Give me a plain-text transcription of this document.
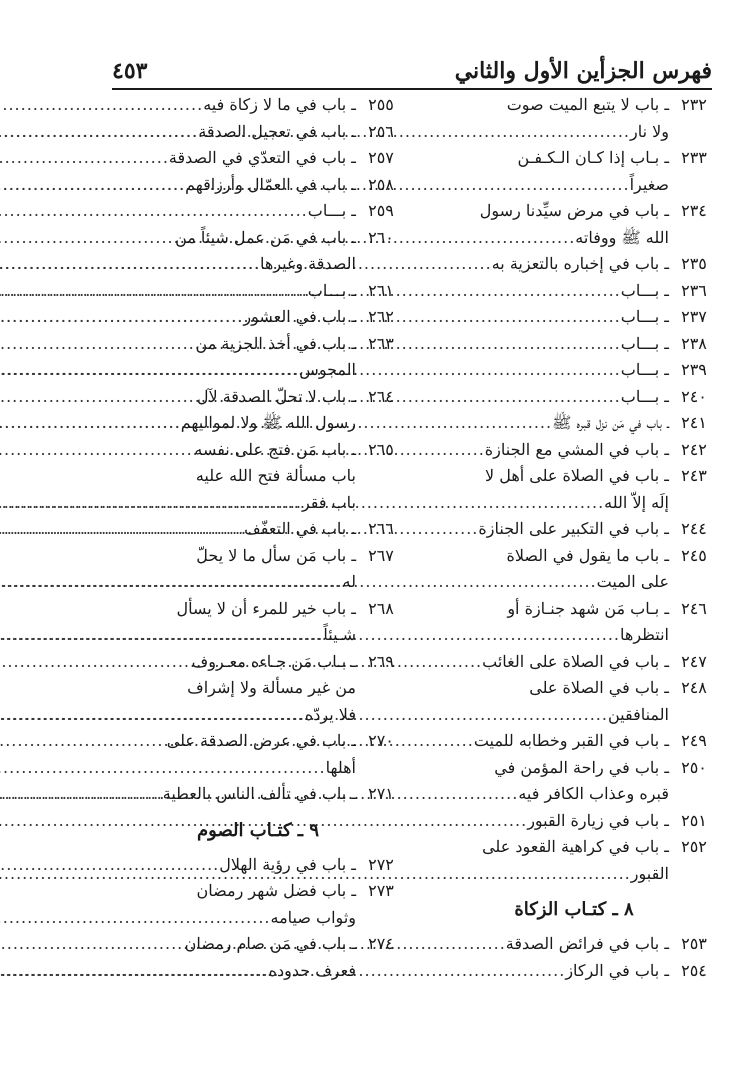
فهرس الجزأين الأول والثاني
٤٥٣
٢٣٢
ـ باب لا يتبع الميت صوت
ولا نار
.....
٢٣٣
ـ بـاب إذا كـان الـكـفـن
صغيراً
.....
٢٣٤
ـ باب في مرض سيِّدنا رسول
الله ﷺ ووفاته
.....
٢٣٥
ـ باب في إخباره بالتعزية به
.....
٢٣٦
ـ بـــاب
.....
٢٣٧
ـ بـــاب
.....
٢٣٨
ـ بـــاب
.....
٢٣٩
ـ بـــاب
.....
٢٤٠
ـ بـــاب
.....
٢٤١
ـ باب في مَن نزل قبره ﷺ
.....
٢٤٢
ـ باب في المشي مع الجنازة
.....
٢٤٣
ـ باب في الصلاة على أهل لا
إلَه إلاّ الله
.....
٢٤٤
ـ باب في التكبير على الجنازة
.....
٢٤٥
ـ باب ما يقول في الصلاة
على الميت
.....
٢٤٦
ـ بـاب مَن شهد جنـازة أو
انتظرها
.....
٢٤٧
ـ باب في الصلاة على الغائب
.....
٢٤٨
ـ باب في الصلاة على
المنافقين
.....
٢٤٩
ـ باب في القبر وخطابه للميت
.....
٢٥٠
ـ باب في راحة المؤمن في
قبره وعذاب الكافر فيه
.....
٢٥١
ـ باب في زيارة القبور
.....
٢٥٢
ـ باب في كراهية القعود على
القبور
.....
٨ ـ كتـاب الزكاة
٢٥٣
ـ باب في فرائض الصدقة
.....
٢٥٤
ـ باب في الركاز
.....
٢٥٥
ـ باب في ما لا زكاة فيه
.....
٢٥٦
ـ باب في تعجيل الصدقة
.....
٢٥٧
ـ باب في التعدّي في الصدقة
.....
٢٥٨
ـ باب في العمّال وأرزاقهم
.....
٢٥٩
ـ بـــاب
.....
٢٦٠
ـ باب في مَن عمل شيئاً من
الصدقة وغيرها
.....
٢٦١
ـ بـــاب
.....
٢٦٢
ـ باب في العشور
.....
٢٦٣
ـ باب في أخذ الجزية من
المجوس
.....
٢٦٤
ـ باب لا تحلّ الصدقة لآل
رسول الله ﷺ ولا لمواليهم
.....
٢٦٥
ـ باب مَن فتح على نفسه
باب مسألة فتح الله عليه
باب فقر
.....
٢٦٦
ـ باب في التعفّف
.....
٢٦٧
ـ باب مَن سأل ما لا يحلّ
له
.....
٢٦٨
ـ باب خير للمرء أن لا يسأل
شـيئاً
.....
٢٦٩
ـ بـاب مَن جـاءه معـروف
من غير مسألة ولا إشراف
فلا يردّه
.....
٢٧٠
ـ باب في عرض الصدقة على
أهلها
.....
٢٧١
ـ باب في تألف الناس بالعطية
.....
٩ ـ كتـاب الصوم
٢٧٢
ـ باب في رؤية الهلال
.....
٢٧٣
ـ باب فضل شهر رمضان
وثواب صيامه
.....
٢٧٤
ـ باب في مَن صام رمضان
فعرف حدوده
.....
